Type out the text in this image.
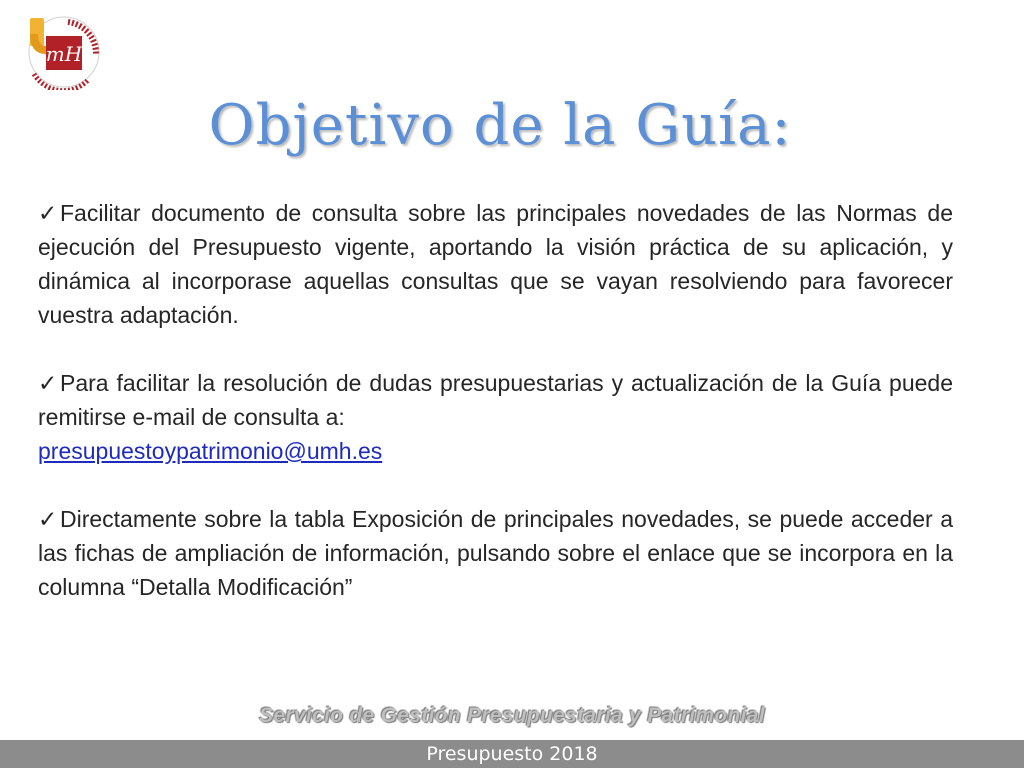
mH
Objetivo de la Guía:

✓ Facilitar documento de consulta sobre las principales novedades de las Normas de ejecución del Presupuesto vigente, aportando la visión práctica de su aplicación, y dinámica al incorporase aquellas consultas que se vayan resolviendo para favorecer vuestra adaptación.

✓ Para facilitar la resolución de dudas presupuestarias y actualización de la Guía puede remitirse e-mail de consulta a:
presupuestoypatrimonio@umh.es

✓ Directamente sobre la tabla Exposición de principales novedades, se puede acceder a las fichas de ampliación de información, pulsando sobre el enlace que se incorpora en la columna “Detalla Modificación”

Servicio de Gestión Presupuestaria y Patrimonial
Presupuesto 2018
